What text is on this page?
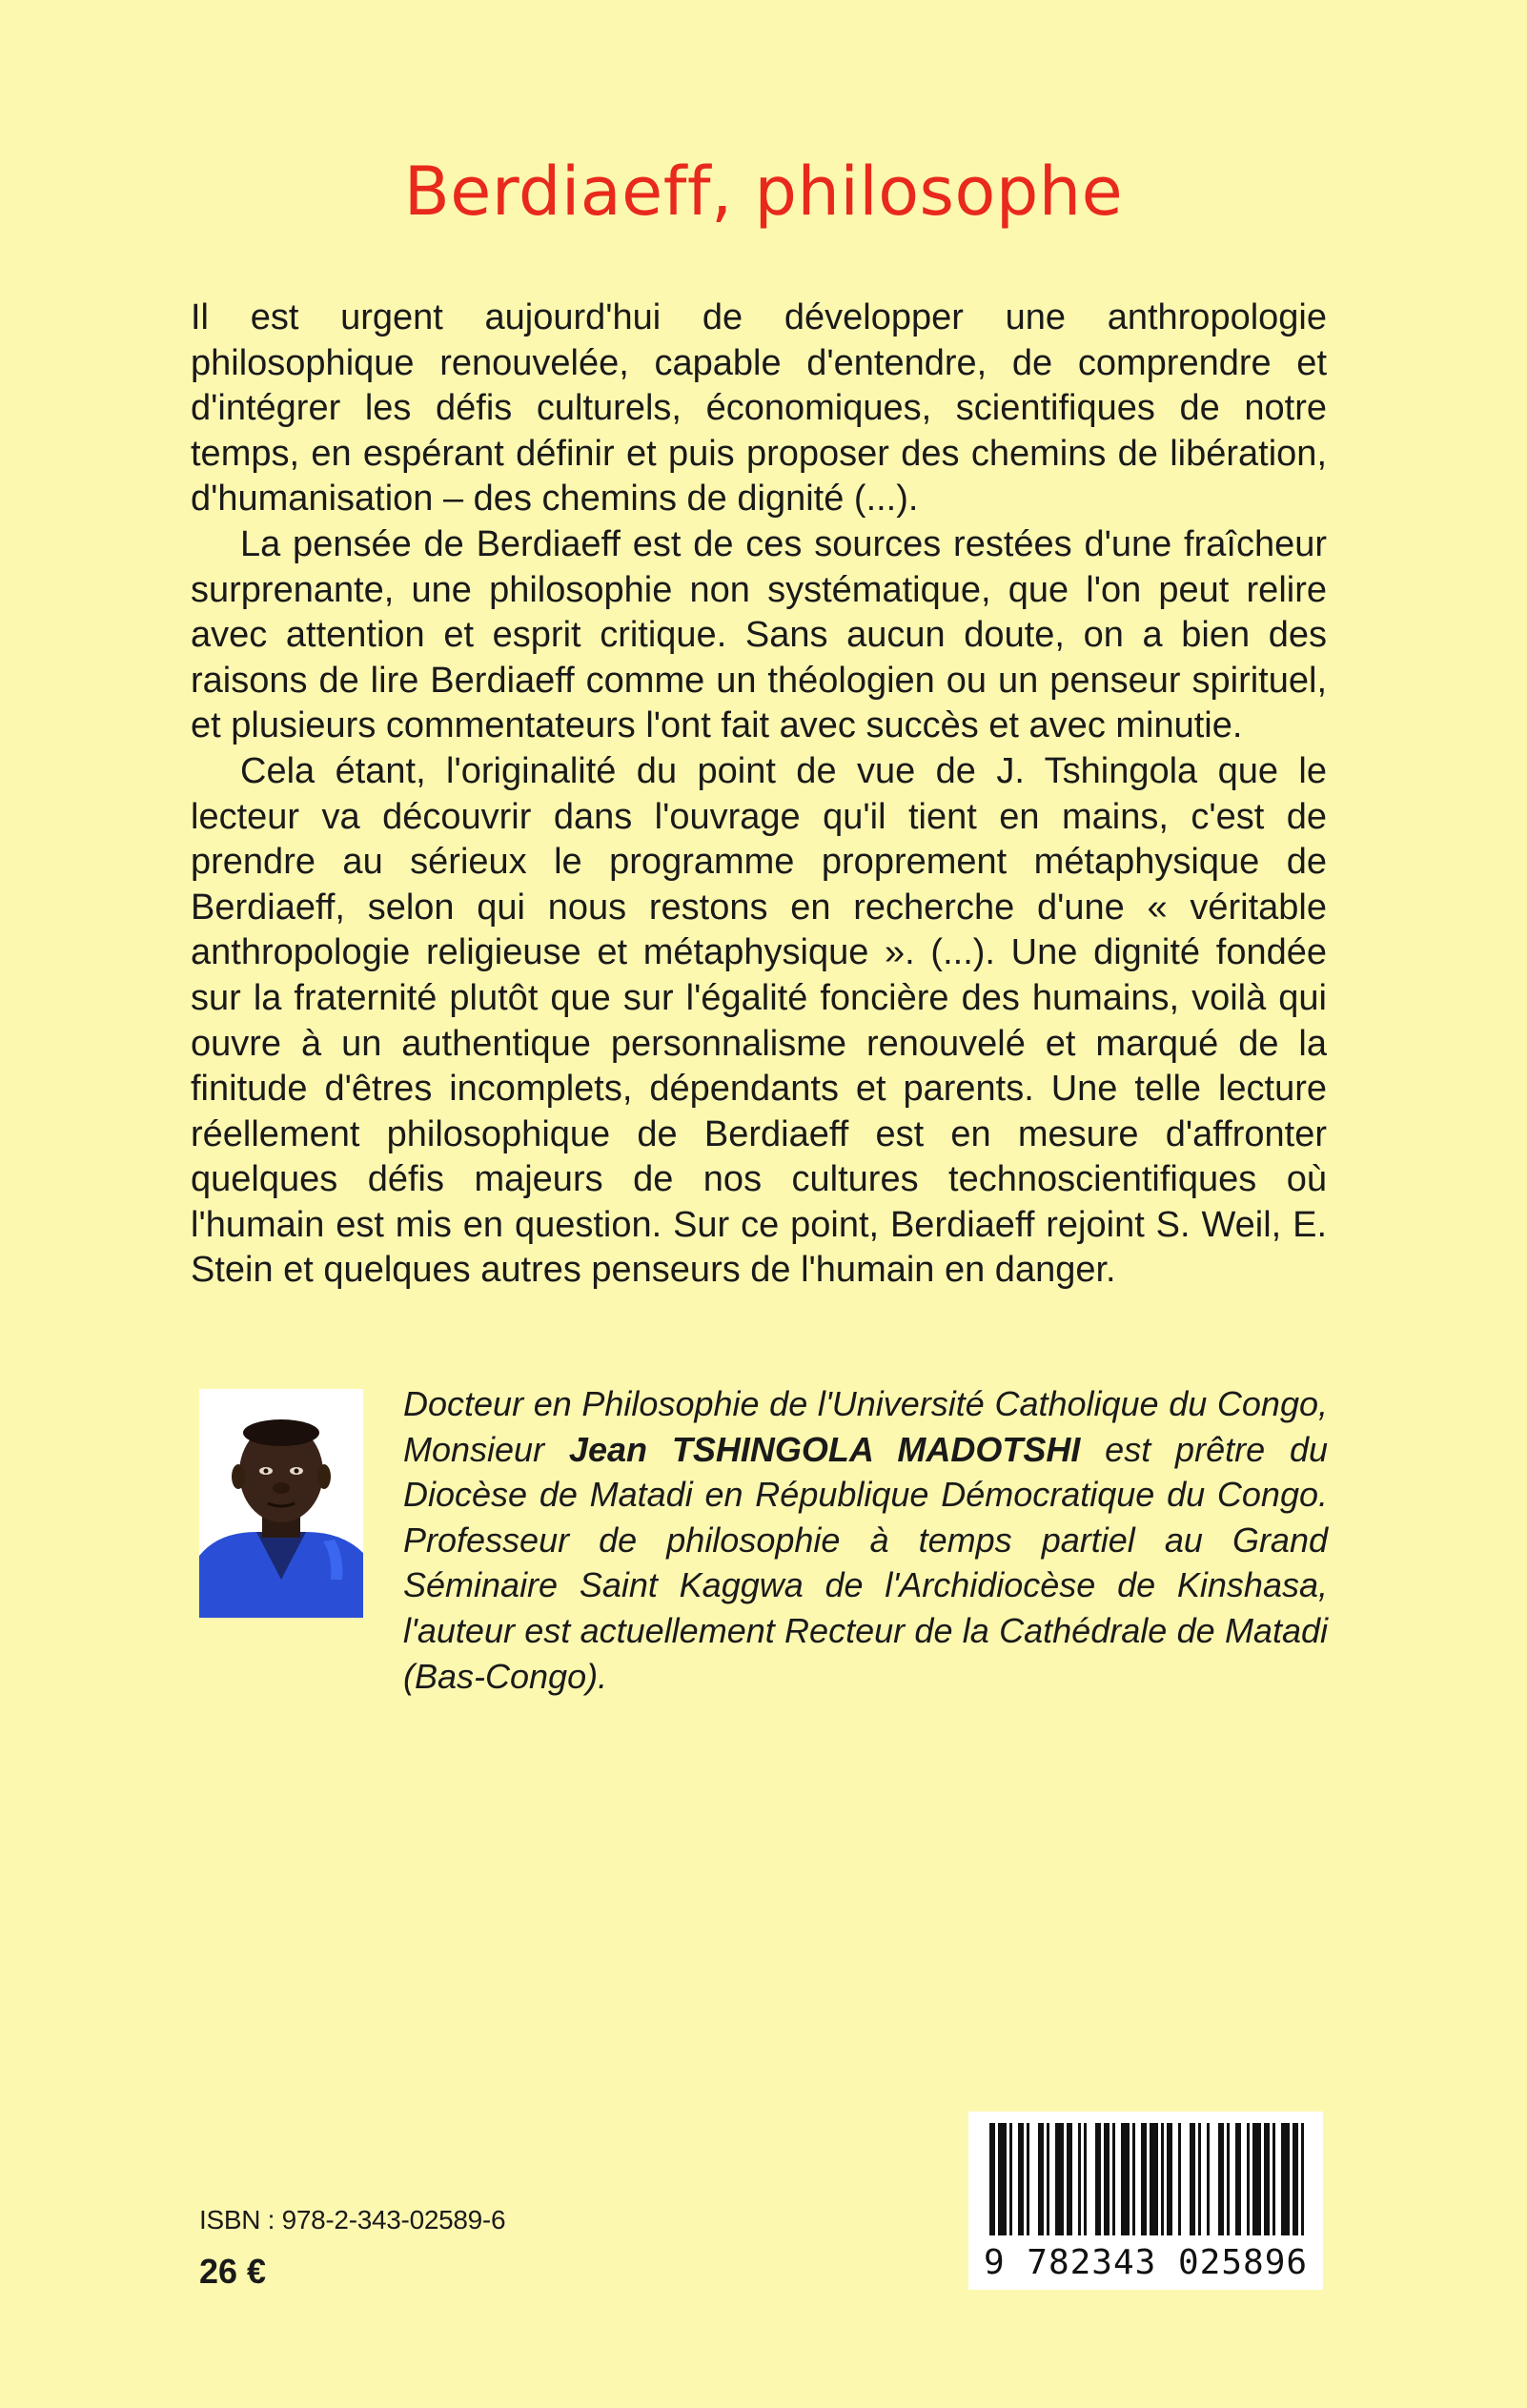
Berdiaeff, philosophe

Il est urgent aujourd'hui de développer une anthropologie philosophique renouvelée, capable d'entendre, de comprendre et d'intégrer les défis culturels, économiques, scientifiques de notre temps, en espérant définir et puis proposer des chemins de libération, d'humanisation – des chemins de dignité (...).

La pensée de Berdiaeff est de ces sources restées d'une fraîcheur surprenante, une philosophie non systématique, que l'on peut relire avec attention et esprit critique. Sans aucun doute, on a bien des raisons de lire Berdiaeff comme un théologien ou un penseur spirituel, et plusieurs commentateurs l'ont fait avec succès et avec minutie.

Cela étant, l'originalité du point de vue de J. Tshingola que le lecteur va découvrir dans l'ouvrage qu'il tient en mains, c'est de prendre au sérieux le programme proprement métaphysique de Berdiaeff, selon qui nous restons en recherche d'une « véritable anthropologie religieuse et métaphysique ». (...). Une dignité fondée sur la fraternité plutôt que sur l'égalité foncière des humains, voilà qui ouvre à un authentique personnalisme renouvelé et marqué de la finitude d'êtres incomplets, dépendants et parents. Une telle lecture réellement philosophique de Berdiaeff est en mesure d'affronter quelques défis majeurs de nos cultures technoscientifiques où l'humain est mis en question. Sur ce point, Berdiaeff rejoint S. Weil, E. Stein et quelques autres penseurs de l'humain en danger.

Docteur en Philosophie de l'Université Catholique du Congo, Monsieur Jean TSHINGOLA MADOTSHI est prêtre du Diocèse de Matadi en République Démocratique du Congo. Professeur de philosophie à temps partiel au Grand Séminaire Saint Kaggwa de l'Archidiocèse de Kinshasa, l'auteur est actuellement Recteur de la Cathédrale de Matadi (Bas-Congo).
ISBN : 978-2-343-02589-6
26 €	9 782343 025896
